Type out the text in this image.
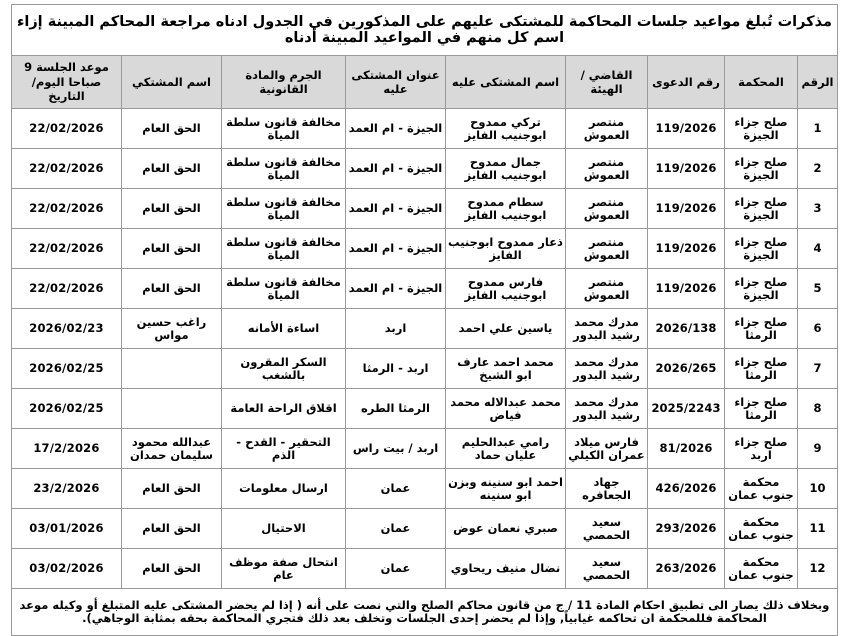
مذكرات تُبلغ مواعيد جلسات المحاكمة للمشتكى عليهم على المذكورين في الجدول ادناه مراجعة المحاكم المبينة إزاء اسم كل منهم في المواعيد المبينة أدناه								
الرقم	المحكمة	رقم الدعوى	القاضي / الهيئة	اسم المشتكى عليه	عنوان المشتكى عليه	الجرم والمادة القانونية	اسم المشتكي	موعد الجلسة 9 صباحا اليوم/التاريخ
1	صلح جزاء الجيزة	119/2026	منتصر العموش	تركي ممدوح ابوجنيب الفايز	الجيزة - ام العمد	مخالفة قانون سلطة المياة	الحق العام	22/02/2026
2	صلح جزاء الجيزة	119/2026	منتصر العموش	جمال ممدوح ابوجنيب الفايز	الجيزة - ام العمد	مخالفة قانون سلطة المياة	الحق العام	22/02/2026
3	صلح جزاء الجيزة	119/2026	منتصر العموش	سطام ممدوح ابوجنيب الفايز	الجيزة - ام العمد	مخالفة قانون سلطة المياة	الحق العام	22/02/2026
4	صلح جزاء الجيزة	119/2026	منتصر العموش	ذعار ممدوح ابوجنيب الفايز	الجيزة - ام العمد	مخالفة قانون سلطة المياة	الحق العام	22/02/2026
5	صلح جزاء الجيزة	119/2026	منتصر العموش	فارس ممدوح ابوجنيب الفايز	الجيزة - ام العمد	مخالفة قانون سلطة المياة	الحق العام	22/02/2026
6	صلح جزاء الرمثا	2026/138	مدرك محمد رشيد البدور	ياسين علي احمد	اربد	اساءة الأمانه	راغب حسين مواس	2026/02/23
7	صلح جزاء الرمثا	2026/265	مدرك محمد رشيد البدور	محمد احمد عارف ابو الشيخ	اربد - الرمثا	السكر المقرون بالشغب		2026/02/25
8	صلح جزاء الرمثا	2025/2243	مدرك محمد رشيد البدور	محمد عبدالاله محمد فياض	الرمثا الطره	اقلاق الراحة العامة		2026/02/25
9	صلح جزاء اربد	81/2026	فارس ميلاد عمران الكيلي	رامي عبدالحليم عليان حماد	اربد / بيت راس	التحقير - القدح - الذم	عبدالله محمود سليمان حمدان	17/2/2026
10	محكمة جنوب عمان	426/2026	جهاد الجعافره	احمد ابو سنينه وبزن ابو سنينه	عمان	ارسال معلومات	الحق العام	23/2/2026
11	محكمة جنوب عمان	293/2026	سعيد الحمصي	صبري نعمان عوض	عمان	الاحتيال	الحق العام	03/01/2026
12	محكمة جنوب عمان	263/2026	سعيد الحمصي	نضال منيف ريحاوي	عمان	انتحال صفة موظف عام	الحق العام	03/02/2026
وبخلاف ذلك يصار الى تطبيق احكام المادة 11 / ج من قانون محاكم الصلح والتي نصت على أنه ( إذا لم يحضر المشتكى عليه المتبلغ أو وكيله موعد المحاكمة فللمحكمة ان تحاكمه غيابياً, وإذا لم يحضر إحدى الجلسات وتخلف بعد ذلك فتجري المحاكمة بحقه بمثابة الوجاهي).								
